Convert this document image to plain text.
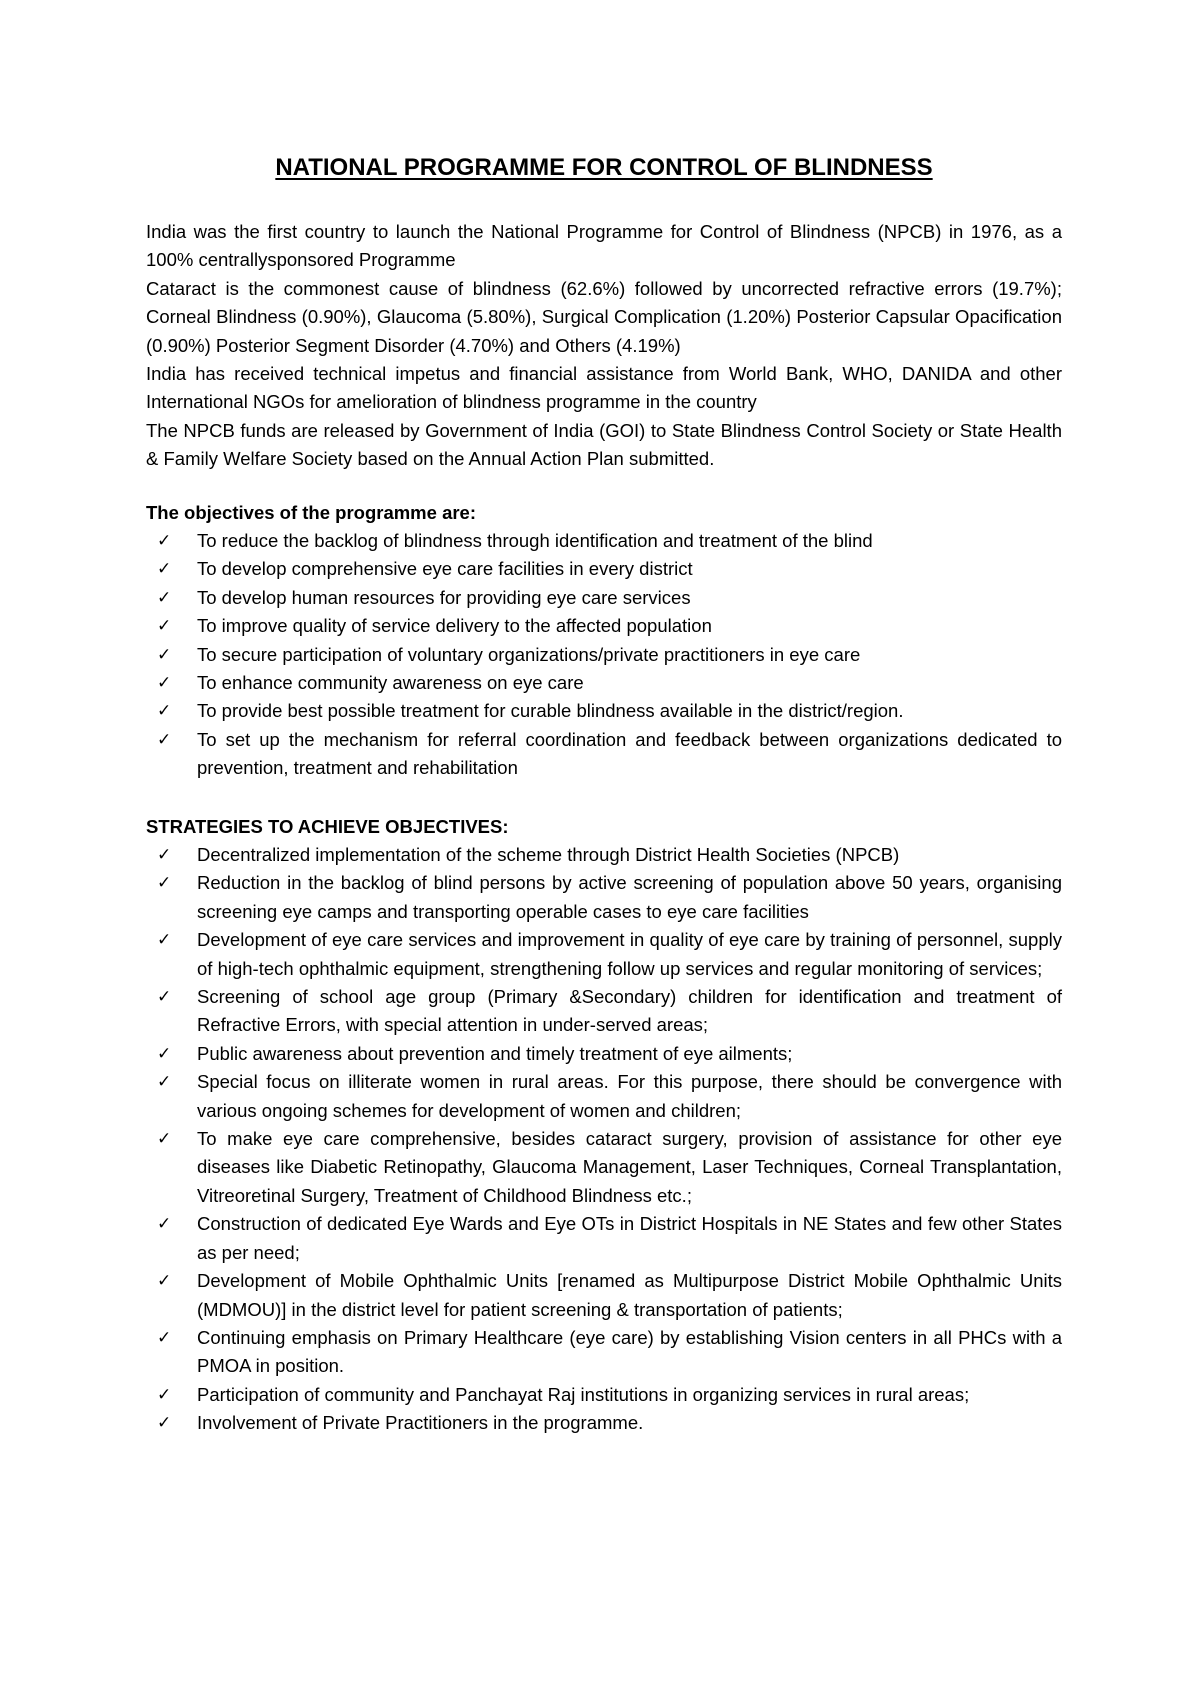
NATIONAL PROGRAMME FOR CONTROL OF BLINDNESS

India was the first country to launch the National Programme for Control of Blindness (NPCB) in 1976, as a 100% centrallysponsored Programme

Cataract is the commonest cause of blindness (62.6%) followed by uncorrected refractive errors (19.7%); Corneal Blindness (0.90%), Glaucoma (5.80%), Surgical Complication (1.20%) Posterior Capsular Opacification (0.90%) Posterior Segment Disorder (4.70%) and Others (4.19%)

India has received technical impetus and financial assistance from World Bank, WHO, DANIDA and other International NGOs for amelioration of blindness programme in the country

The NPCB funds are released by Government of India (GOI) to State Blindness Control Society or State Health & Family Welfare Society based on the Annual Action Plan submitted.

The objectives of the programme are:
✓ To reduce the backlog of blindness through identification and treatment of the blind
✓ To develop comprehensive eye care facilities in every district
✓ To develop human resources for providing eye care services
✓ To improve quality of service delivery to the affected population
✓ To secure participation of voluntary organizations/private practitioners in eye care
✓ To enhance community awareness on eye care
✓ To provide best possible treatment for curable blindness available in the district/region.
✓ To set up the mechanism for referral coordination and feedback between organizations dedicated to prevention, treatment and rehabilitation
STRATEGIES TO ACHIEVE OBJECTIVES:
✓ Decentralized implementation of the scheme through District Health Societies (NPCB)
✓ Reduction in the backlog of blind persons by active screening of population above 50 years, organising screening eye camps and transporting operable cases to eye care facilities
✓ Development of eye care services and improvement in quality of eye care by training of personnel, supply of high-tech ophthalmic equipment, strengthening follow up services and regular monitoring of services;
✓ Screening of school age group (Primary &Secondary) children for identification and treatment of Refractive Errors, with special attention in under-served areas;
✓ Public awareness about prevention and timely treatment of eye ailments;
✓ Special focus on illiterate women in rural areas. For this purpose, there should be convergence with various ongoing schemes for development of women and children;
✓ To make eye care comprehensive, besides cataract surgery, provision of assistance for other eye diseases like Diabetic Retinopathy, Glaucoma Management, Laser Techniques, Corneal Transplantation, Vitreoretinal Surgery, Treatment of Childhood Blindness etc.;
✓ Construction of dedicated Eye Wards and Eye OTs in District Hospitals in NE States and few other States as per need;
✓ Development of Mobile Ophthalmic Units [renamed as Multipurpose District Mobile Ophthalmic Units (MDMOU)] in the district level for patient screening & transportation of patients;
✓ Continuing emphasis on Primary Healthcare (eye care) by establishing Vision centers in all PHCs with a PMOA in position.
✓ Participation of community and Panchayat Raj institutions in organizing services in rural areas;
✓ Involvement of Private Practitioners in the programme.
